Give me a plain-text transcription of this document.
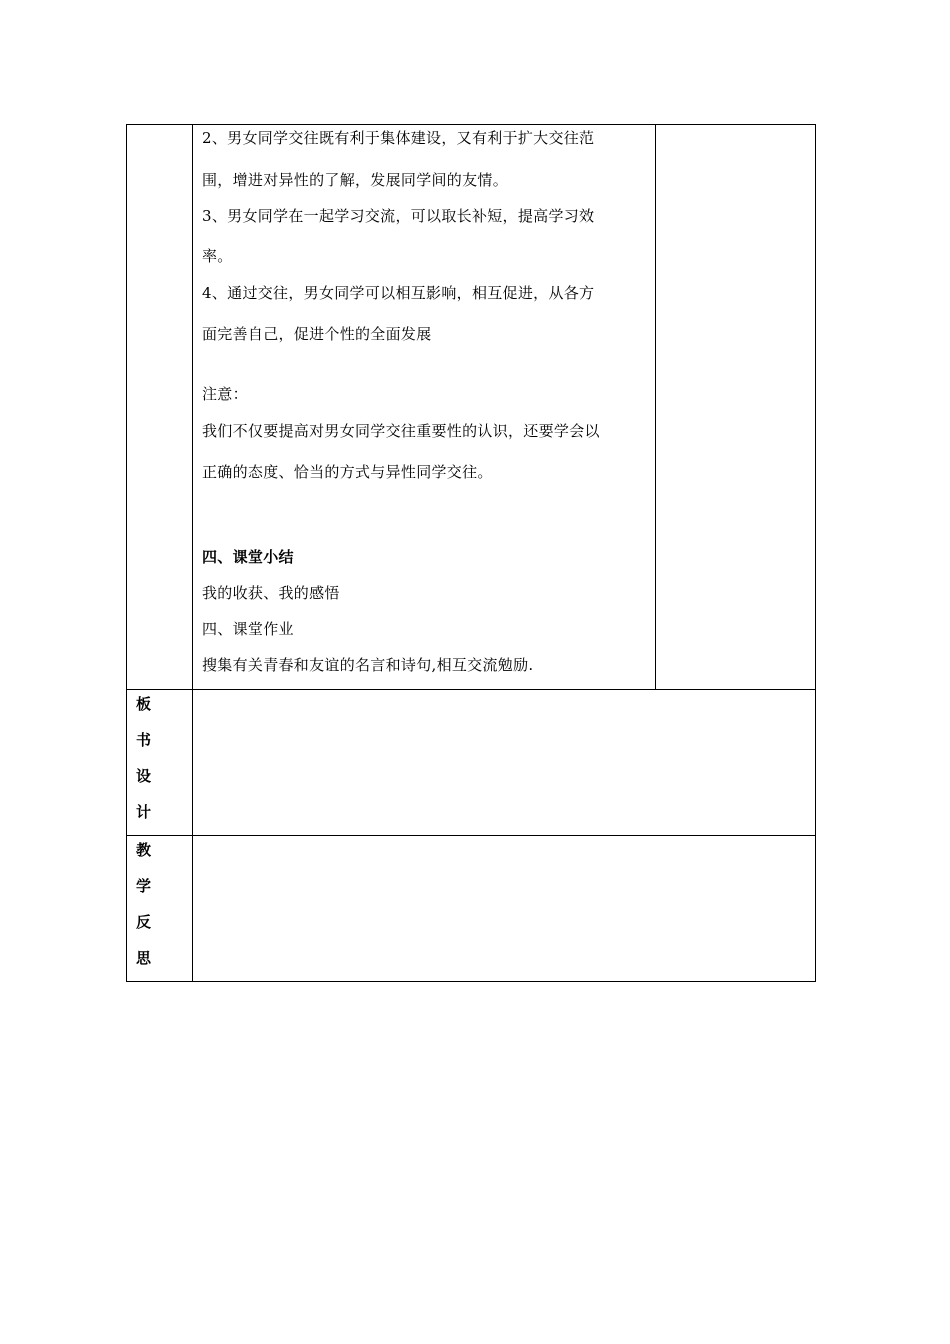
2、男女同学交往既有利于集体建设，又有利于扩大交往范
围，增进对异性的了解，发展同学间的友情。
3、男女同学在一起学习交流，可以取长补短，提高学习效
率。
4、通过交往，男女同学可以相互影响，相互促进，从各方
面完善自己，促进个性的全面发展
注意：
我们不仅要提高对男女同学交往重要性的认识，还要学会以
正确的态度、恰当的方式与异性同学交往。
四、课堂小结
我的收获、我的感悟
四、课堂作业
搜集有关青春和友谊的名言和诗句,相互交流勉励.
板
书
设
计
教
学
反
思
